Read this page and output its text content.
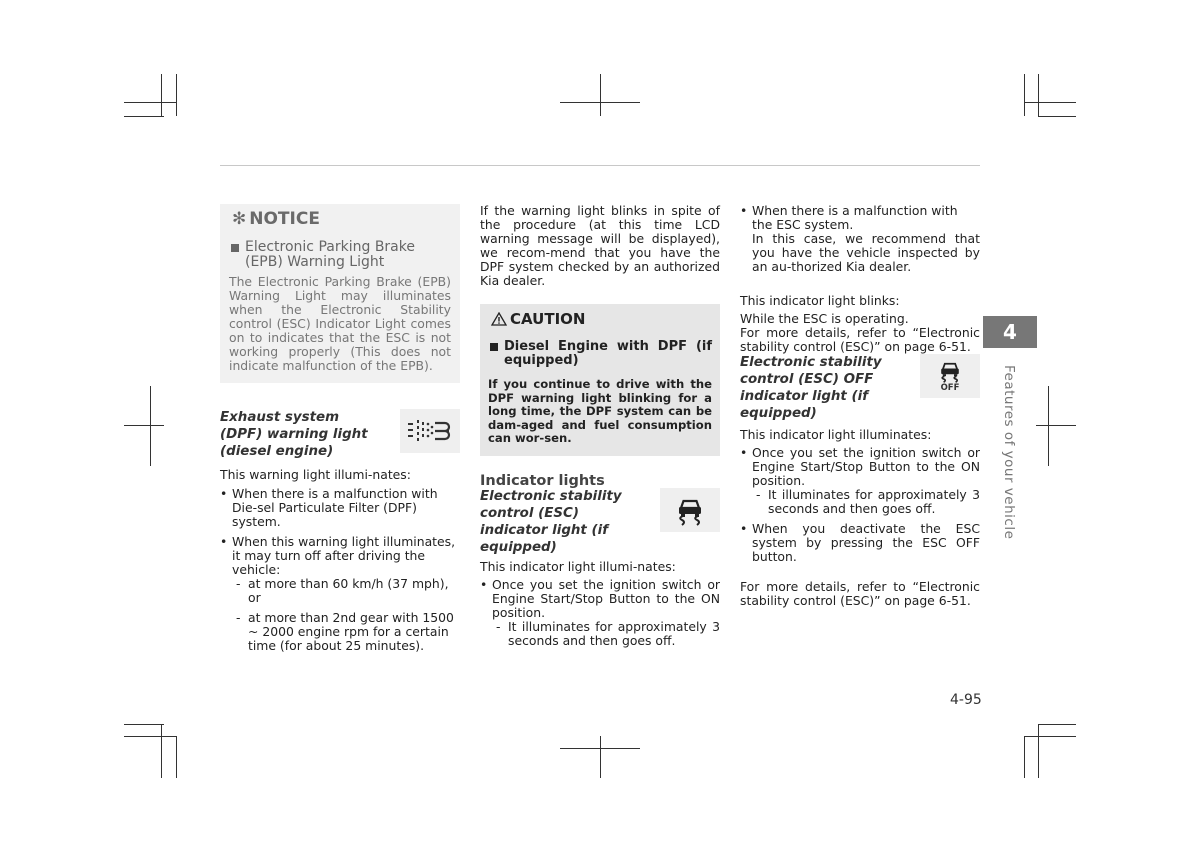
✻ NOTICE
Electronic Parking Brake (EPB) Warning Light
The Electronic Parking Brake (EPB) Warning Light may illuminates when the Electronic Stability control (ESC) Indicator Light comes on to indicates that the ESC is not working properly (This does not indicate malfunction of the EPB).
Exhaust system (DPF) warning light (diesel engine)
This warning light illumi-nates:
• When there is a malfunction with Die-sel Particulate Filter (DPF) system.
• When this warning light illuminates, it may turn off after driving the vehicle:
- at more than 60 km/h (37 mph), or
- at more than 2nd gear with 1500 ~ 2000 engine rpm for a certain time (for about 25 minutes).
If the warning light blinks in spite of the procedure (at this time LCD warning message will be displayed), we recom-mend that you have the DPF system checked by an authorized Kia dealer.
CAUTION
Diesel Engine with DPF (if equipped)
If you continue to drive with the DPF warning light blinking for a long time, the DPF system can be dam-aged and fuel consumption can wor-sen.
Indicator lights
Electronic stability control (ESC) indicator light (if equipped)
This indicator light illumi-nates:
• Once you set the ignition switch or Engine Start/Stop Button to the ON position.
- It illuminates for approximately 3 seconds and then goes off.
• When there is a malfunction with the ESC system.
In this case, we recommend that you have the vehicle inspected by an au-thorized Kia dealer.
This indicator light blinks:
While the ESC is operating.
For more details, refer to “Electronic stability control (ESC)” on page 6-51.
Electronic stability control (ESC) OFF indicator light (if equipped)
OFF
This indicator light illuminates:
• Once you set the ignition switch or Engine Start/Stop Button to the ON position.
- It illuminates for approximately 3 seconds and then goes off.
• When you deactivate the ESC system by pressing the ESC OFF button.
For more details, refer to “Electronic stability control (ESC)” on page 6-51.
4
Features of your vehicle
4-95
